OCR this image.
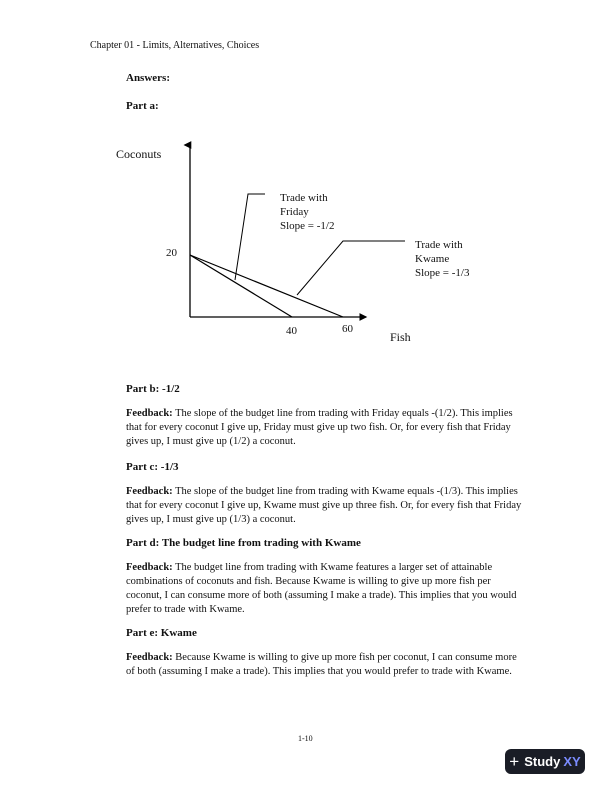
Chapter 01 - Limits, Alternatives, Choices
Answers:
Part a:
Coconuts
20
40	60
Fish
Trade with
Friday
Slope = -1/2
Trade with
Kwame
Slope = -1/3
Part b: -1/2
Feedback: The slope of the budget line from trading with Friday equals -(1/2). This implies that for every coconut I give up, Friday must give up two fish. Or, for every fish that Friday gives up, I must give up (1/2) a coconut.
Part c: -1/3
Feedback: The slope of the budget line from trading with Kwame equals -(1/3). This implies that for every coconut I give up, Kwame must give up three fish. Or, for every fish that Friday gives up, I must give up (1/3) a coconut.
Part d: The budget line from trading with Kwame
Feedback: The budget line from trading with Kwame features a larger set of attainable combinations of coconuts and fish. Because Kwame is willing to give up more fish per coconut, I can consume more of both (assuming I make a trade). This implies that you would prefer to trade with Kwame.
Part e: Kwame
Feedback: Because Kwame is willing to give up more fish per coconut, I can consume more of both (assuming I make a trade). This implies that you would prefer to trade with Kwame.
1-10
+ Study XY
